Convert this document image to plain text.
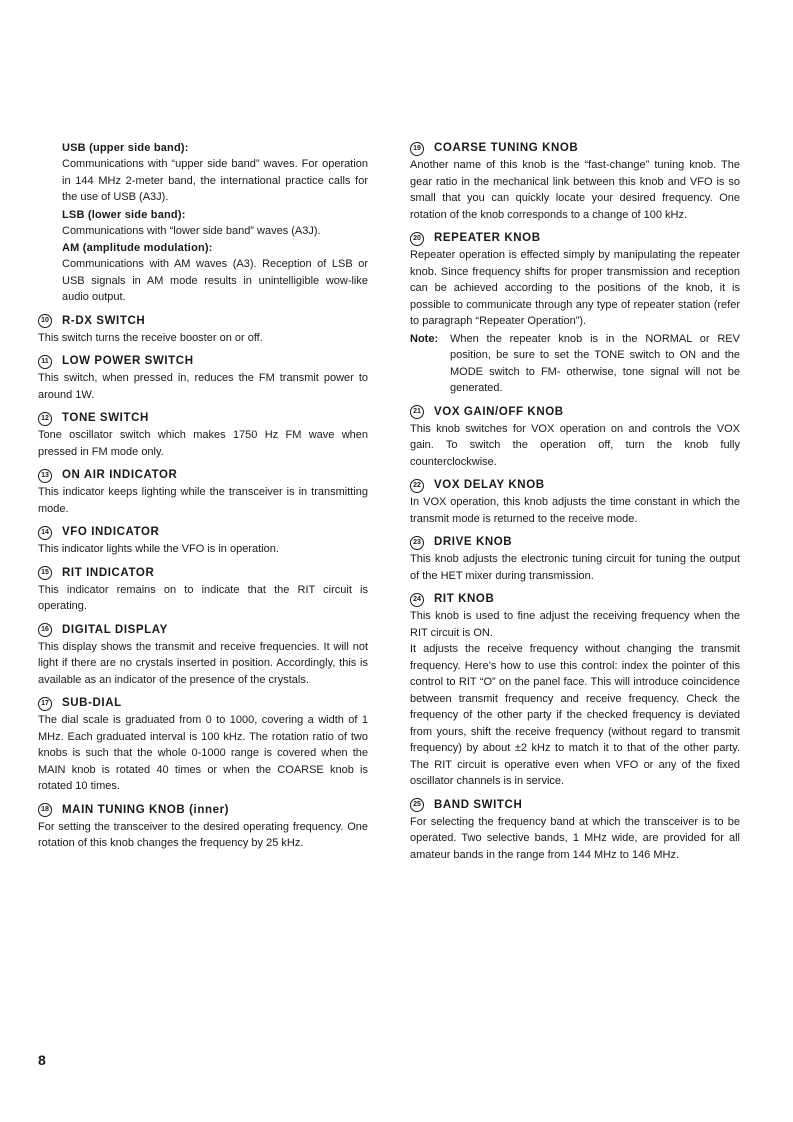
USB (upper side band):

Communications with “upper side band” waves. For operation in 144 MHz 2-meter band, the international practice calls for the use of USB (A3J).

LSB (lower side band):

Communications with “lower side band” waves (A3J).

AM (amplitude modulation):

Communications with AM waves (A3). Reception of LSB or USB signals in AM mode results in unintelligible wow-like audio output.

10 R-DX SWITCH

This switch turns the receive booster on or off.

11 LOW POWER SWITCH

This switch, when pressed in, reduces the FM transmit power to around 1W.

12 TONE SWITCH

Tone oscillator switch which makes 1750 Hz FM wave when pressed in FM mode only.

13 ON AIR INDICATOR

This indicator keeps lighting while the transceiver is in transmitting mode.

14 VFO INDICATOR

This indicator lights while the VFO is in operation.

15 RIT INDICATOR

This indicator remains on to indicate that the RIT circuit is operating.

16 DIGITAL DISPLAY

This display shows the transmit and receive frequencies. It will not light if there are no crystals inserted in position. Accordingly, this is available as an indicator of the presence of the crystals.

17 SUB-DIAL

The dial scale is graduated from 0 to 1000, covering a width of 1 MHz. Each graduated interval is 100 kHz. The rotation ratio of two knobs is such that the whole 0-1000 range is covered when the MAIN knob is rotated 40 times or when the COARSE knob is rotated 10 times.

18 MAIN TUNING KNOB (inner)

For setting the transceiver to the desired operating frequency. One rotation of this knob changes the frequency by 25 kHz.

19 COARSE TUNING KNOB

Another name of this knob is the “fast-change” tuning knob. The gear ratio in the mechanical link between this knob and VFO is so small that you can quickly locate your desired frequency. One rotation of the knob corresponds to a change of 100 kHz.

20 REPEATER KNOB

Repeater operation is effected simply by manipulating the repeater knob. Since frequency shifts for proper transmission and reception can be achieved according to the positions of the knob, it is possible to communicate through any type of repeater station (refer to paragraph “Repeater Operation”).

Note:	When the repeater knob is in the NORMAL or REV position, be sure to set the TONE switch to ON and the MODE switch to FM- otherwise, tone signal will not be generated.
21 VOX GAIN/OFF KNOB

This knob switches for VOX operation on and controls the VOX gain. To switch the operation off, turn the knob fully counterclockwise.

22 VOX DELAY KNOB

In VOX operation, this knob adjusts the time constant in which the transmit mode is returned to the receive mode.

23 DRIVE KNOB

This knob adjusts the electronic tuning circuit for tuning the output of the HET mixer during transmission.

24 RIT KNOB

This knob is used to fine adjust the receiving frequency when the RIT circuit is ON.

It adjusts the receive frequency without changing the transmit frequency. Here’s how to use this control: index the pointer of this control to RIT “O” on the panel face. This will introduce coincidence between transmit frequency and receive frequency. Check the frequency of the other party if the checked frequency is deviated from yours, shift the receive frequency (without regard to transmit frequency) by about ±2 kHz to match it to that of the other party. The RIT circuit is operative even when VFO or any of the fixed oscillator channels is in service.

25 BAND SWITCH

For selecting the frequency band at which the transceiver is to be operated. Two selective bands, 1 MHz wide, are provided for all amateur bands in the range from 144 MHz to 146 MHz.

8
